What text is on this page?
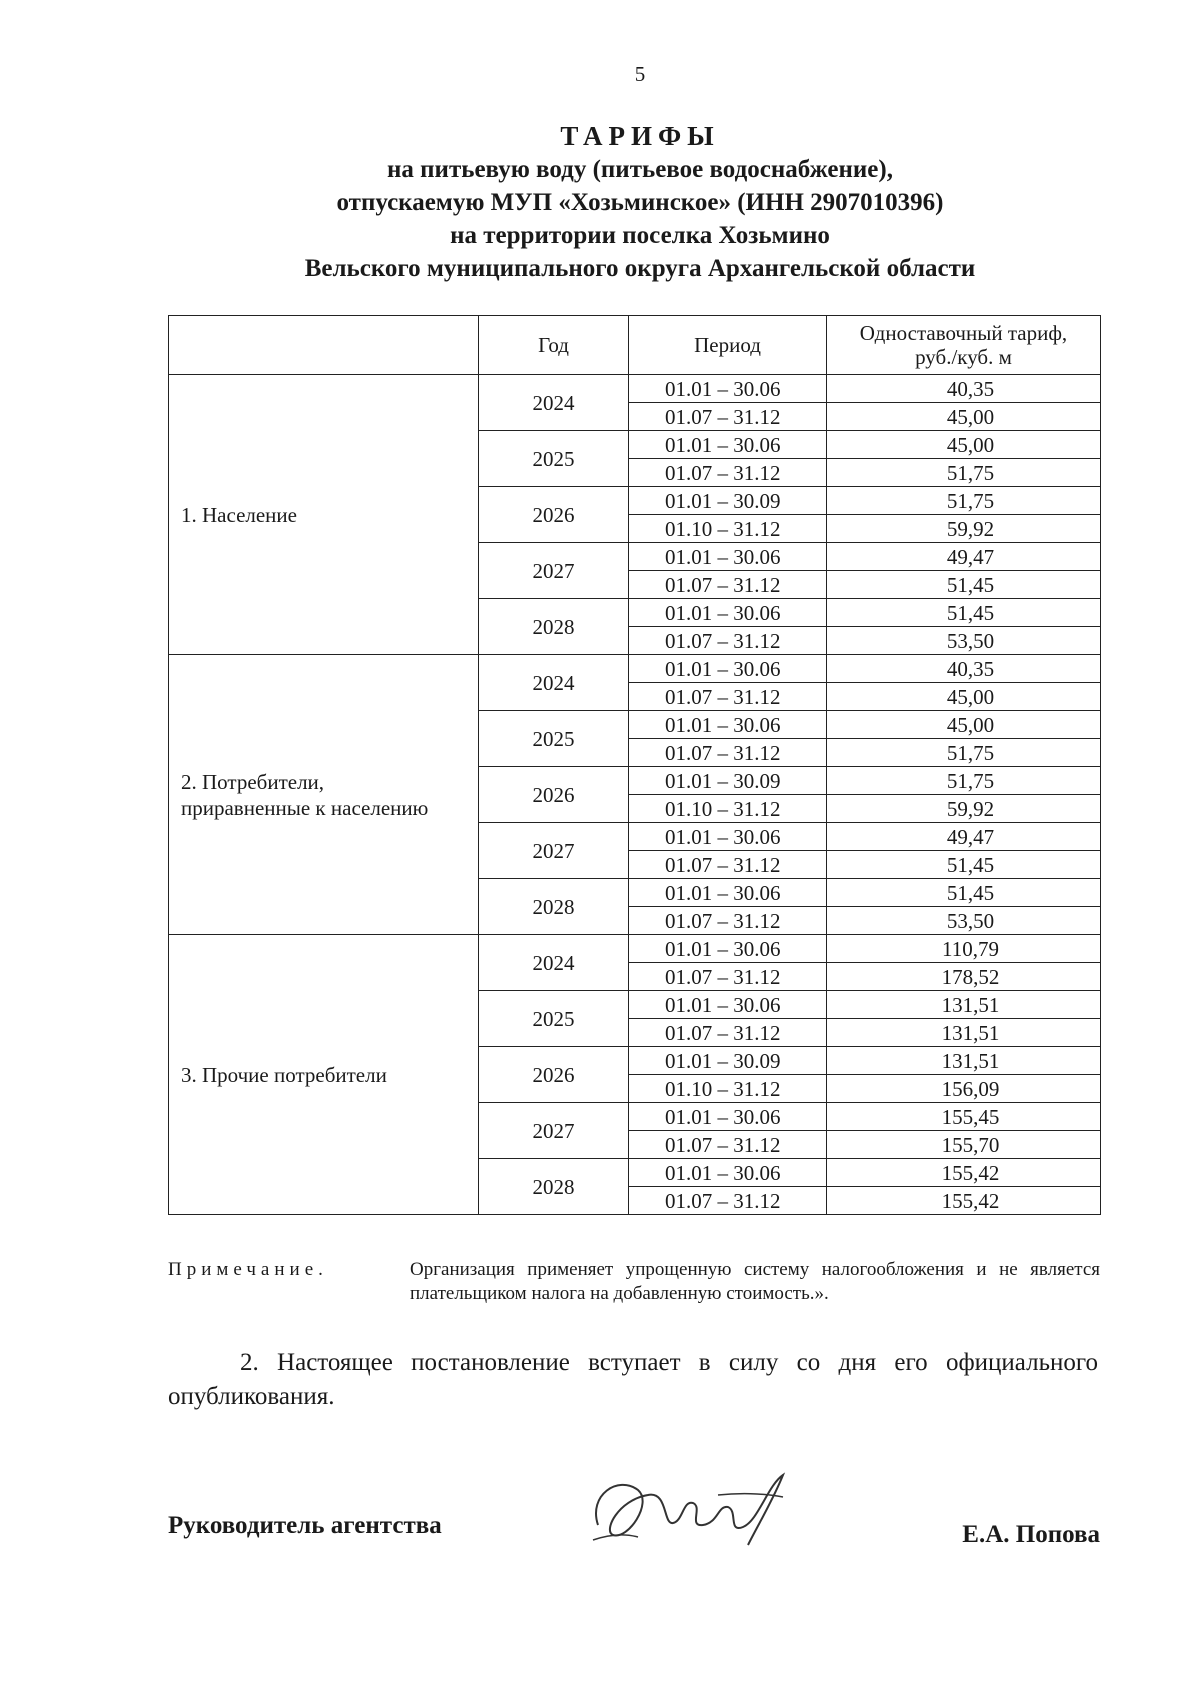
5
ТАРИФЫ
на питьевую воду (питьевое водоснабжение),
отпускаемую МУП «Хозьминское» (ИНН 2907010396)
на территории поселка Хозьмино
Вельского муниципального округа Архангельской области
	Год	Период	Одноставочный тариф,
руб./куб. м

1. Население	2024	01.01 – 30.06	40,35
		01.07 – 31.12	45,00
	2025	01.01 – 30.06	45,00
		01.07 – 31.12	51,75
	2026	01.01 – 30.09	51,75
		01.10 – 31.12	59,92
	2027	01.01 – 30.06	49,47
		01.07 – 31.12	51,45
	2028	01.01 – 30.06	51,45
		01.07 – 31.12	53,50

2. Потребители,
приравненные к населению	2024	01.01 – 30.06	40,35
		01.07 – 31.12	45,00
	2025	01.01 – 30.06	45,00
		01.07 – 31.12	51,75
	2026	01.01 – 30.09	51,75
		01.10 – 31.12	59,92
	2027	01.01 – 30.06	49,47
		01.07 – 31.12	51,45
	2028	01.01 – 30.06	51,45
		01.07 – 31.12	53,50

3. Прочие потребители	2024	01.01 – 30.06	110,79
		01.07 – 31.12	178,52
	2025	01.01 – 30.06	131,51
		01.07 – 31.12	131,51
	2026	01.01 – 30.09	131,51
		01.10 – 31.12	156,09
	2027	01.01 – 30.06	155,45
		01.07 – 31.12	155,70
	2028	01.01 – 30.06	155,42
		01.07 – 31.12	155,42
Примечание.	Организация применяет упрощенную систему налогообложения и не является плательщиком налога на добавленную стоимость.».
2. Настоящее постановление вступает в силу со дня его официального опубликования.
Руководитель агентства	Е.А. Попова
